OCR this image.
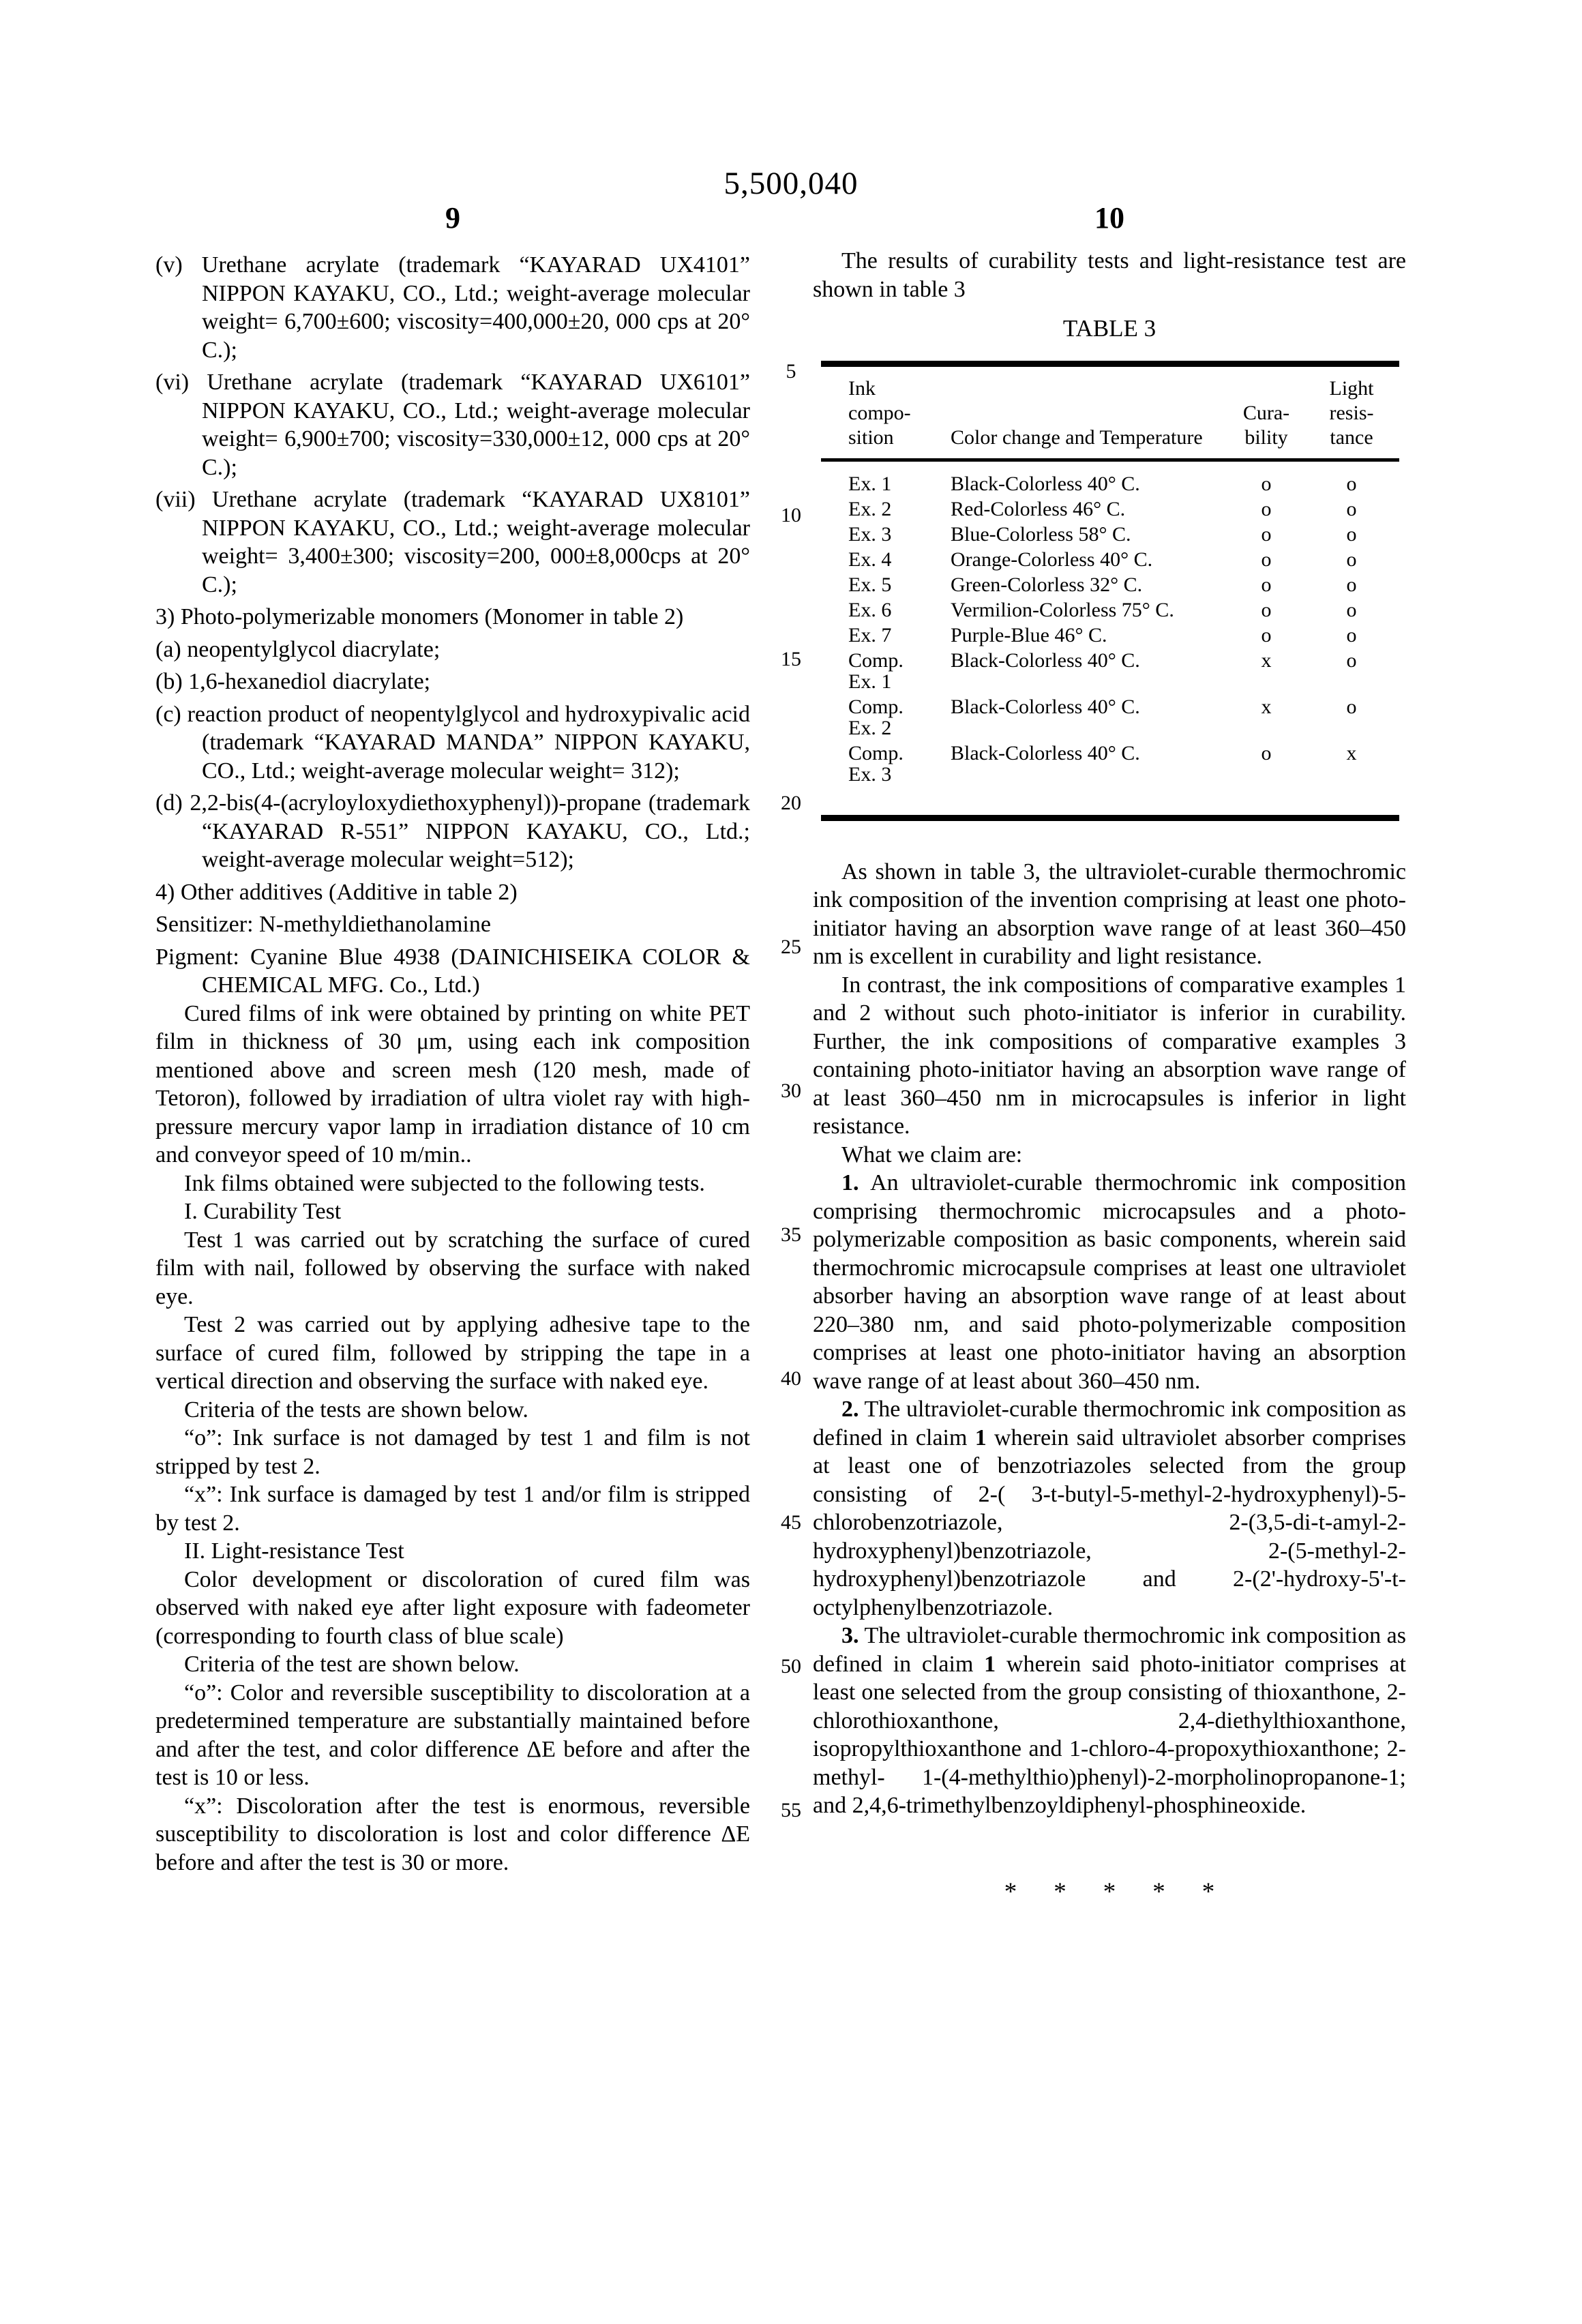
5,500,040
9	10
5
10
15
20
25
30
35
40
45
50
55
(v) Urethane acrylate (trademark “KAYARAD UX4101” NIPPON KAYAKU, CO., Ltd.; weight-average molecular weight= 6,700±600; viscosity=400,000±20, 000 cps at 20° C.);
(vi) Urethane acrylate (trademark “KAYARAD UX6101” NIPPON KAYAKU, CO., Ltd.; weight-average molecular weight= 6,900±700; viscosity=330,000±12, 000 cps at 20° C.);
(vii) Urethane acrylate (trademark “KAYARAD UX8101” NIPPON KAYAKU, CO., Ltd.; weight-average molecular weight= 3,400±300; viscosity=200, 000±8,000cps at 20° C.);
3) Photo-polymerizable monomers (Monomer in table 2)
(a) neopentylglycol diacrylate;
(b) 1,6-hexanediol diacrylate;
(c) reaction product of neopentylglycol and hydroxypivalic acid (trademark “KAYARAD MANDA” NIPPON KAYAKU, CO., Ltd.; weight-average molecular weight= 312);
(d) 2,2-bis(4-(acryloyloxydiethoxyphenyl))-propane (trademark “KAYARAD R-551” NIPPON KAYAKU, CO., Ltd.; weight-average molecular weight=512);
4) Other additives (Additive in table 2)
Sensitizer: N-methyldiethanolamine
Pigment: Cyanine Blue 4938 (DAINICHISEIKA COLOR & CHEMICAL MFG. Co., Ltd.)
Cured films of ink were obtained by printing on white PET film in thickness of 30 μm, using each ink composition mentioned above and screen mesh (120 mesh, made of Tetoron), followed by irradiation of ultra violet ray with high-pressure mercury vapor lamp in irradiation distance of 10 cm and conveyor speed of 10 m/min..
Ink films obtained were subjected to the following tests.
I. Curability Test
Test 1 was carried out by scratching the surface of cured film with nail, followed by observing the surface with naked eye.
Test 2 was carried out by applying adhesive tape to the surface of cured film, followed by stripping the tape in a vertical direction and observing the surface with naked eye.
Criteria of the tests are shown below.
“o”: Ink surface is not damaged by test 1 and film is not stripped by test 2.
“x”: Ink surface is damaged by test 1 and/or film is stripped by test 2.
II. Light-resistance Test
Color development or discoloration of cured film was observed with naked eye after light exposure with fadeometer (corresponding to fourth class of blue scale)
Criteria of the test are shown below.
“o”: Color and reversible susceptibility to discoloration at a predetermined temperature are substantially maintained before and after the test, and color difference ΔE before and after the test is 10 or less.
“x”: Discoloration after the test is enormous, reversible susceptibility to discoloration is lost and color difference ΔE before and after the test is 30 or more.
The results of curability tests and light-resistance test are shown in table 3
TABLE 3
Ink
compo-
sition	Color change and Temperature	Cura-
bility	Light
resis-
tance
Ex. 1	Black-Colorless 40° C.	o	o
Ex. 2	Red-Colorless 46° C.	o	o
Ex. 3	Blue-Colorless 58° C.	o	o
Ex. 4	Orange-Colorless 40° C.	o	o
Ex. 5	Green-Colorless 32° C.	o	o
Ex. 6	Vermilion-Colorless 75° C.	o	o
Ex. 7	Purple-Blue 46° C.	o	o
Comp.
Ex. 1	Black-Colorless 40° C.	x	o
Comp.
Ex. 2	Black-Colorless 40° C.	x	o
Comp.
Ex. 3	Black-Colorless 40° C.	o	x
As shown in table 3, the ultraviolet-curable thermochromic ink composition of the invention comprising at least one photo-initiator having an absorption wave range of at least 360–450 nm is excellent in curability and light resistance.
In contrast, the ink compositions of comparative examples 1 and 2 without such photo-initiator is inferior in curability. Further, the ink compositions of comparative examples 3 containing photo-initiator having an absorption wave range of at least 360–450 nm in microcapsules is inferior in light resistance.
What we claim are:
1. An ultraviolet-curable thermochromic ink composition comprising thermochromic microcapsules and a photo-polymerizable composition as basic components, wherein said thermochromic microcapsule comprises at least one ultraviolet absorber having an absorption wave range of at least about 220–380 nm, and said photo-polymerizable composition comprises at least one photo-initiator having an absorption wave range of at least about 360–450 nm.
2. The ultraviolet-curable thermochromic ink composition as defined in claim 1 wherein said ultraviolet absorber comprises at least one of benzotriazoles selected from the group consisting of 2-( 3-t-butyl-5-methyl-2-hydroxyphenyl)-5-chlorobenzotriazole, 2-(3,5-di-t-amyl-2-hydroxyphenyl)benzotriazole, 2-(5-methyl-2-hydroxyphenyl)benzotriazole and 2-(2'-hydroxy-5'-t-octylphenylbenzotriazole.
3. The ultraviolet-curable thermochromic ink composition as defined in claim 1 wherein said photo-initiator comprises at least one selected from the group consisting of thioxanthone, 2-chlorothioxanthone, 2,4-diethylthioxanthone, isopropylthioxanthone and 1-chloro-4-propoxythioxanthone; 2-methyl- 1-(4-methylthio)phenyl)-2-morpholinopropanone-1; and 2,4,6-trimethylbenzoyldiphenyl-phosphineoxide.
* * * * *
